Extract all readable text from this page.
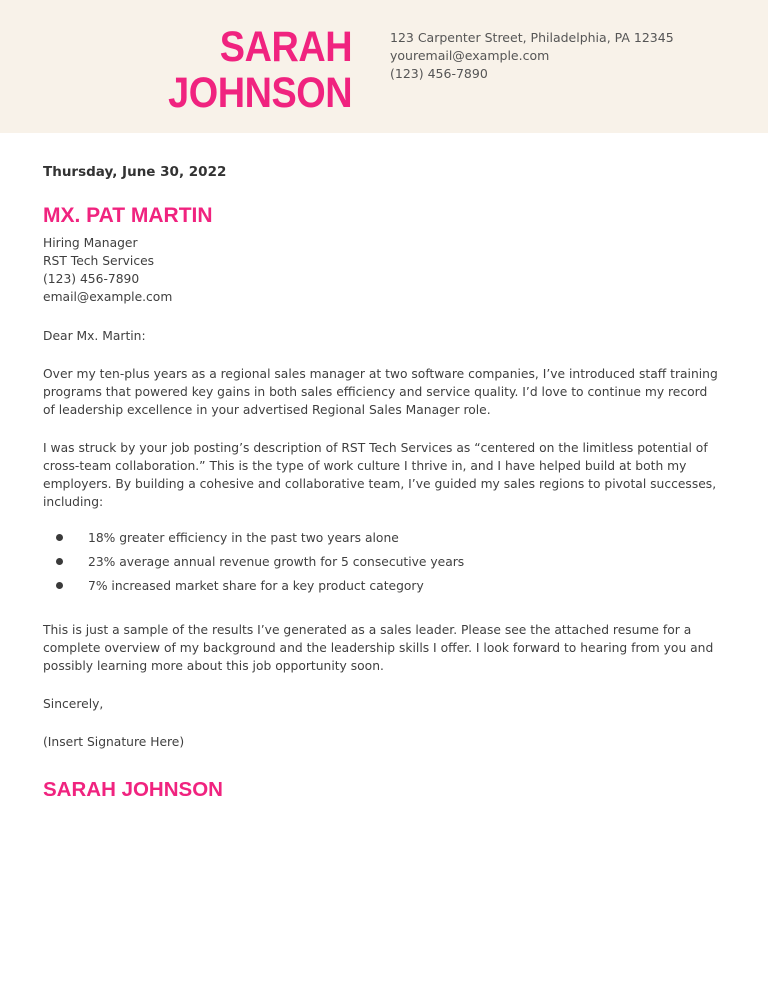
SARAH
JOHNSON
123 Carpenter Street, Philadelphia, PA 12345
youremail@example.com
(123) 456-7890
Thursday, June 30, 2022
MX. PAT MARTIN
Hiring Manager
RST Tech Services
(123) 456-7890
email@example.com

Dear Mx. Martin:

Over my ten-plus years as a regional sales manager at two software companies, I’ve introduced staff training programs that powered key gains in both sales efficiency and service quality. I’d love to continue my record of leadership excellence in your advertised Regional Sales Manager role.

I was struck by your job posting’s description of RST Tech Services as “centered on the limitless potential of cross-team collaboration.” This is the type of work culture I thrive in, and I have helped build at both my employers. By building a cohesive and collaborative team, I’ve guided my sales regions to pivotal successes, including:

18% greater efficiency in the past two years alone
23% average annual revenue growth for 5 consecutive years
7% increased market share for a key product category

This is just a sample of the results I’ve generated as a sales leader. Please see the attached resume for a complete overview of my background and the leadership skills I offer. I look forward to hearing from you and possibly learning more about this job opportunity soon.

Sincerely,

(Insert Signature Here)

SARAH JOHNSON
